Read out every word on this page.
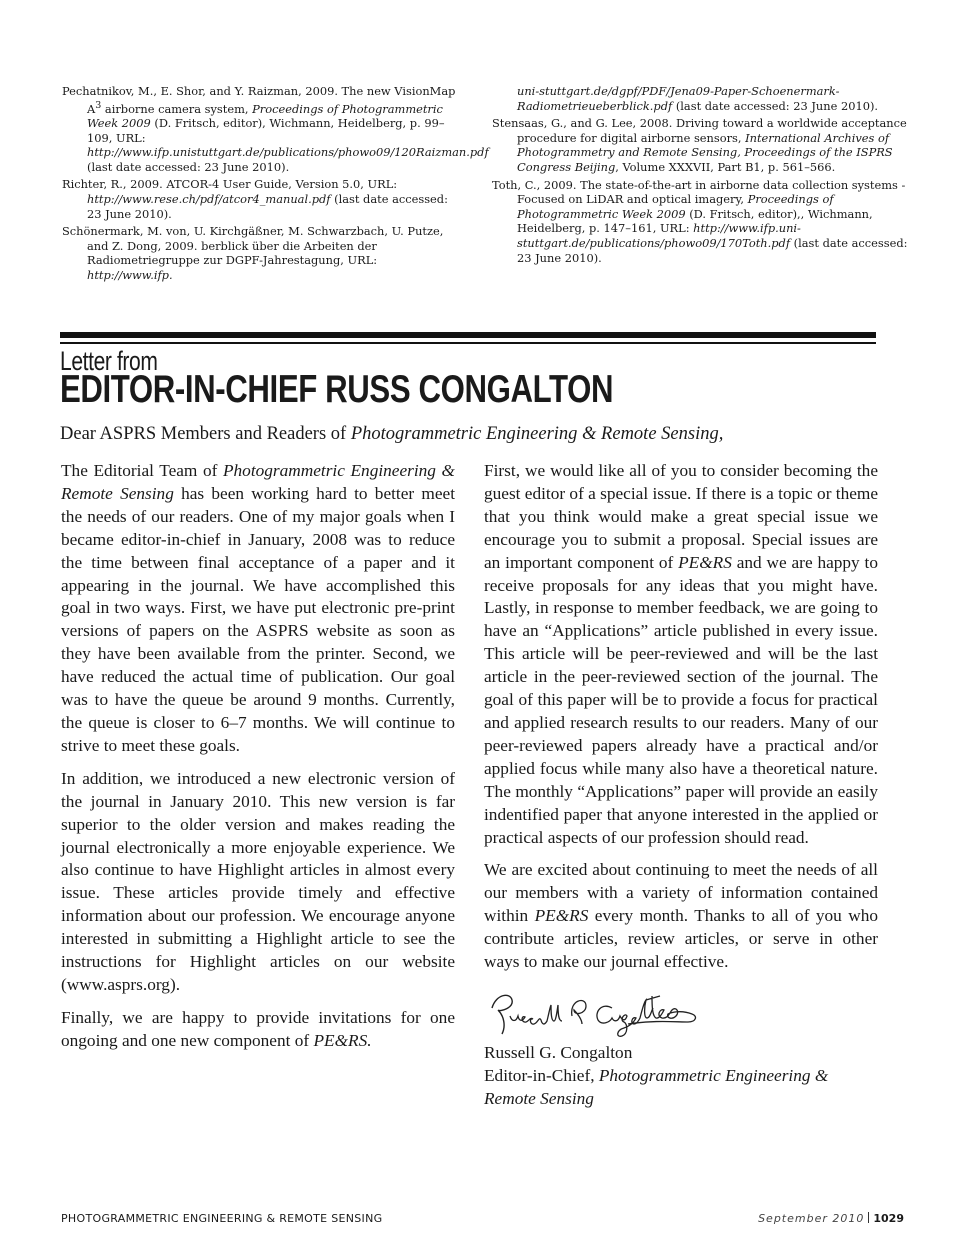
Pechatnikov, M., E. Shor, and Y. Raizman, 2009. The new VisionMap $A^3$ airborne camera system, Proceedings of Photogrammetric Week 2009 (D. Fritsch, editor), Wichmann, Heidelberg, p. 99–109, URL: http://www.ifp.unistuttgart.de/publications/phowo09/120Raizman.pdf (last date accessed: 23 June 2010).

Richter, R., 2009. ATCOR-4 User Guide, Version 5.0, URL: http://www.rese.ch/pdf/atcor4_manual.pdf (last date accessed: 23 June 2010).

Schönermark, M. von, U. Kirchgäßner, M. Schwarzbach, U. Putze, and Z. Dong, 2009. berblick über die Arbeiten der Radiometriegruppe zur DGPF-Jahrestagung, URL: http://www.ifp.

uni-stuttgart.de/dgpf/PDF/Jena09-Paper-Schoenermark-Radiometrieueberblick.pdf (last date accessed: 23 June 2010).

Stensaas, G., and G. Lee, 2008. Driving toward a worldwide acceptance procedure for digital airborne sensors, International Archives of Photogrammetry and Remote Sensing, Proceedings of the ISPRS Congress Beijing, Volume XXXVII, Part B1, p. 561–566.

Toth, C., 2009. The state-of-the-art in airborne data collection systems - Focused on LiDAR and optical imagery, Proceedings of Photogrammetric Week 2009 (D. Fritsch, editor),, Wichmann, Heidelberg, p. 147–161, URL: http://www.ifp.uni-stuttgart.de/publications/phowo09/170Toth.pdf (last date accessed: 23 June 2010).

Letter from
EDITOR-IN-CHIEF RUSS CONGALTON
Dear ASPRS Members and Readers of Photogrammetric Engineering & Remote Sensing,

The Editorial Team of Photogrammetric Engineering & Remote Sensing has been working hard to better meet the needs of our readers. One of my major goals when I became editor-in-chief in January, 2008 was to reduce the time between final acceptance of a paper and it appearing in the journal. We have accomplished this goal in two ways. First, we have put electronic pre-print versions of papers on the ASPRS website as soon as they have been available from the printer. Second, we have reduced the actual time of publication. Our goal was to have the queue be around 9 months. Currently, the queue is closer to 6–7 months. We will continue to strive to meet these goals.

In addition, we introduced a new electronic version of the journal in January 2010. This new version is far superior to the older version and makes reading the journal electronically a more enjoyable experience. We also continue to have Highlight articles in almost every issue. These articles provide timely and effective information about our profession. We encourage anyone interested in submitting a Highlight article to see the instructions for Highlight articles on our website (www.asprs.org).

Finally, we are happy to provide invitations for one ongoing and one new component of PE&RS.

First, we would like all of you to consider becoming the guest editor of a special issue. If there is a topic or theme that you think would make a great special issue we encourage you to submit a proposal. Special issues are an important component of PE&RS and we are happy to receive proposals for any ideas that you might have. Lastly, in response to member feedback, we are going to have an “Applications” article published in every issue. This article will be peer-reviewed and will be the last article in the peer-reviewed section of the journal. The goal of this paper will be to provide a focus for practical and applied research results to our readers. Many of our peer-reviewed papers already have a practical and/or applied focus while many also have a theoretical nature. The monthly “Applications” paper will provide an easily indentified paper that anyone interested in the applied or practical aspects of our profession should read.

We are excited about continuing to meet the needs of all our members with a variety of information contained within PE&RS every month. Thanks to all of you who contribute articles, review articles, or serve in other ways to make our journal effective.

Russell G. Congalton
Editor-in-Chief, Photogrammetric Engineering & Remote Sensing
PHOTOGRAMMETRIC ENGINEERING & REMOTE SENSING	September 2010 1029
